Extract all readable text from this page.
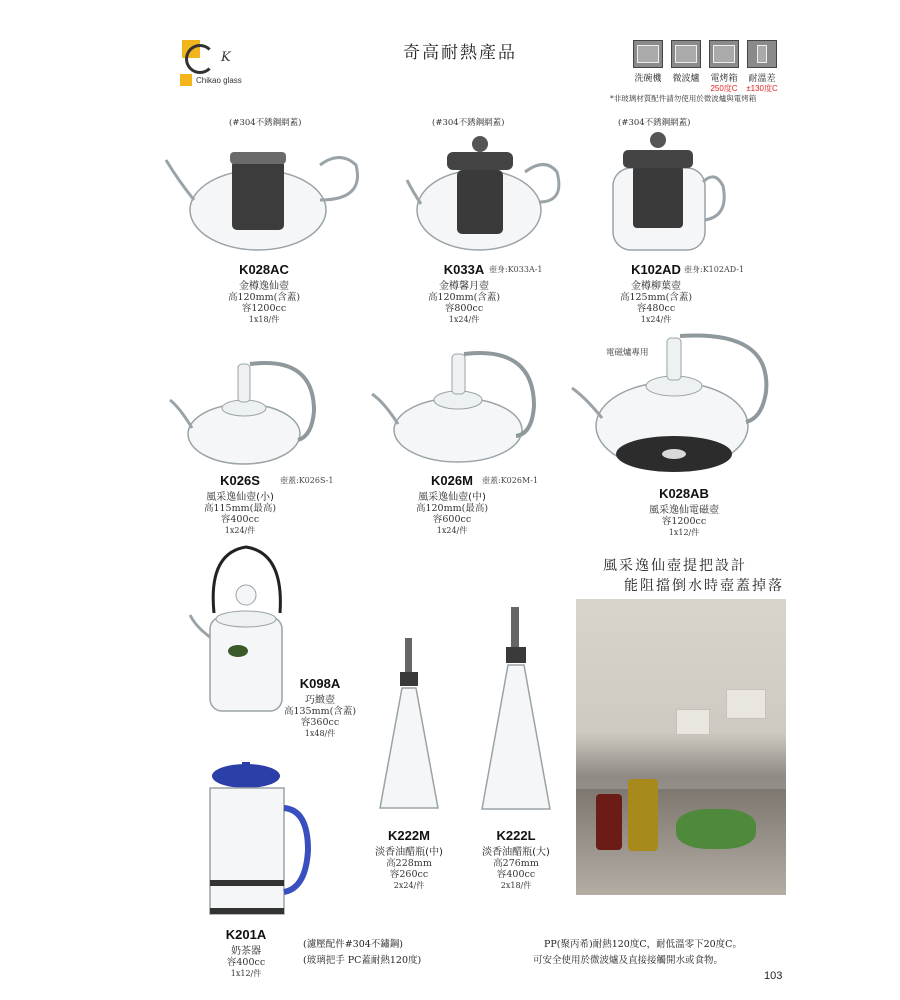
K
Chikao glass
奇高耐熱產品
洗碗機	微波爐	電烤箱	耐溫差
250度C	±130度C
*非玻璃材質配件請勿使用於微波爐與電烤箱
(#304不銹鋼網蓋)	(#304不銹鋼網蓋)	(#304不銹鋼網蓋)
電磁爐專用
K028AC
金樽逸仙壺
高120mm(含蓋)
容1200cc
1x18/件
K033A
金樽馨月壺
高120mm(含蓋)
容800cc
1x24/件
壺身:K033A-1	K102AD
金樽柳葉壺
高125mm(含蓋)
容480cc
1x24/件
壺身:K102AD-1
K026S
風采逸仙壺(小)
高115mm(最高)
容400cc
1x24/件
壺蓋:K026S-1	K026M
風采逸仙壺(中)
高120mm(最高)
容600cc
1x24/件
壺蓋:K026M-1
K028AB
風采逸仙電磁壺
容1200cc
1x12/件
K098A
巧緻壺
高135mm(含蓋)
容360cc
1x48/件
K222M
淡香油醋瓶(中)
高228mm
容260cc
2x24/件
K222L
淡香油醋瓶(大)
高276mm
容400cc
2x18/件
K201A
奶茶器
容400cc
1x12/件
(濾壓配件#304不鏽鋼)
(玻璃把手 PC蓋耐熱120度)
風采逸仙壺提把設計
能阻擋倒水時壺蓋掉落
PP(聚丙希)耐熱120度C，耐低溫零下20度C。
可安全使用於微波爐及直接接觸開水或食物。
103
